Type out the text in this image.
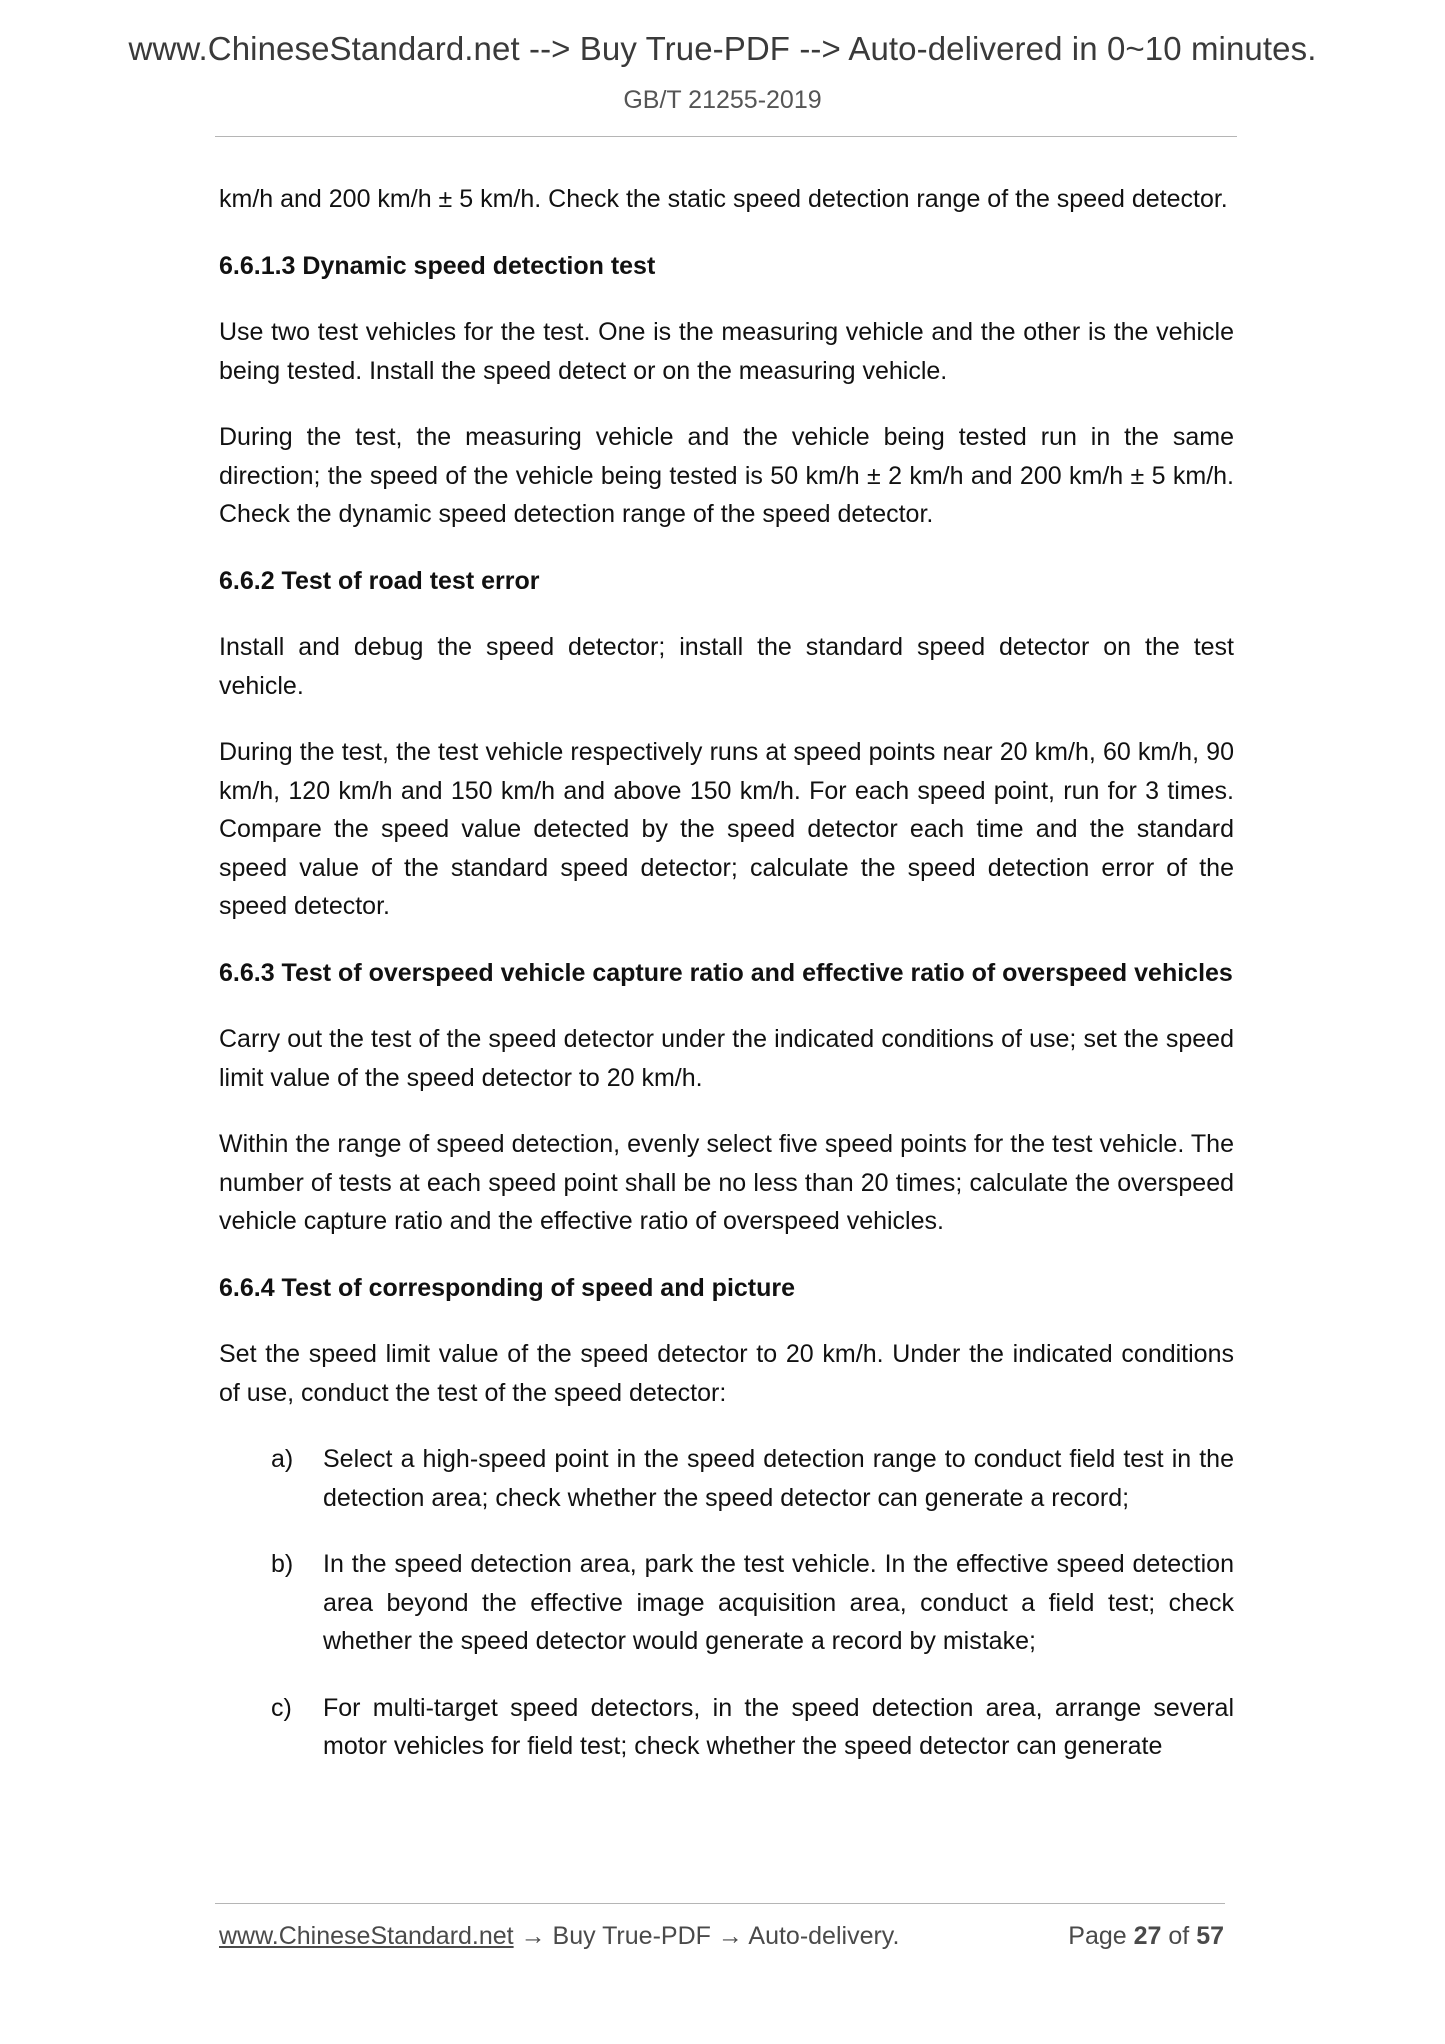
www.ChineseStandard.net --> Buy True-PDF --> Auto-delivered in 0~10 minutes.
GB/T 21255-2019

km/h and 200 km/h ± 5 km/h. Check the static speed detection range of the speed detector.

6.6.1.3 Dynamic speed detection test

Use two test vehicles for the test. One is the measuring vehicle and the other is the vehicle being tested. Install the speed detect or on the measuring vehicle.

During the test, the measuring vehicle and the vehicle being tested run in the same direction; the speed of the vehicle being tested is 50 km/h ± 2 km/h and 200 km/h ± 5 km/h. Check the dynamic speed detection range of the speed detector.

6.6.2 Test of road test error

Install and debug the speed detector; install the standard speed detector on the test vehicle.

During the test, the test vehicle respectively runs at speed points near 20 km/h, 60 km/h, 90 km/h, 120 km/h and 150 km/h and above 150 km/h. For each speed point, run for 3 times. Compare the speed value detected by the speed detector each time and the standard speed value of the standard speed detector; calculate the speed detection error of the speed detector.

6.6.3 Test of overspeed vehicle capture ratio and effective ratio of overspeed vehicles

Carry out the test of the speed detector under the indicated conditions of use; set the speed limit value of the speed detector to 20 km/h.

Within the range of speed detection, evenly select five speed points for the test vehicle. The number of tests at each speed point shall be no less than 20 times; calculate the overspeed vehicle capture ratio and the effective ratio of overspeed vehicles.

6.6.4 Test of corresponding of speed and picture

Set the speed limit value of the speed detector to 20 km/h. Under the indicated conditions of use, conduct the test of the speed detector:

a) Select a high-speed point in the speed detection range to conduct field test in the detection area; check whether the speed detector can generate a record;
b) In the speed detection area, park the test vehicle. In the effective speed detection area beyond the effective image acquisition area, conduct a field test; check whether the speed detector would generate a record by mistake;
c) For multi-target speed detectors, in the speed detection area, arrange several motor vehicles for field test; check whether the speed detector can generate
www.ChineseStandard.net → Buy True-PDF → Auto-delivery.	Page 27 of 57
